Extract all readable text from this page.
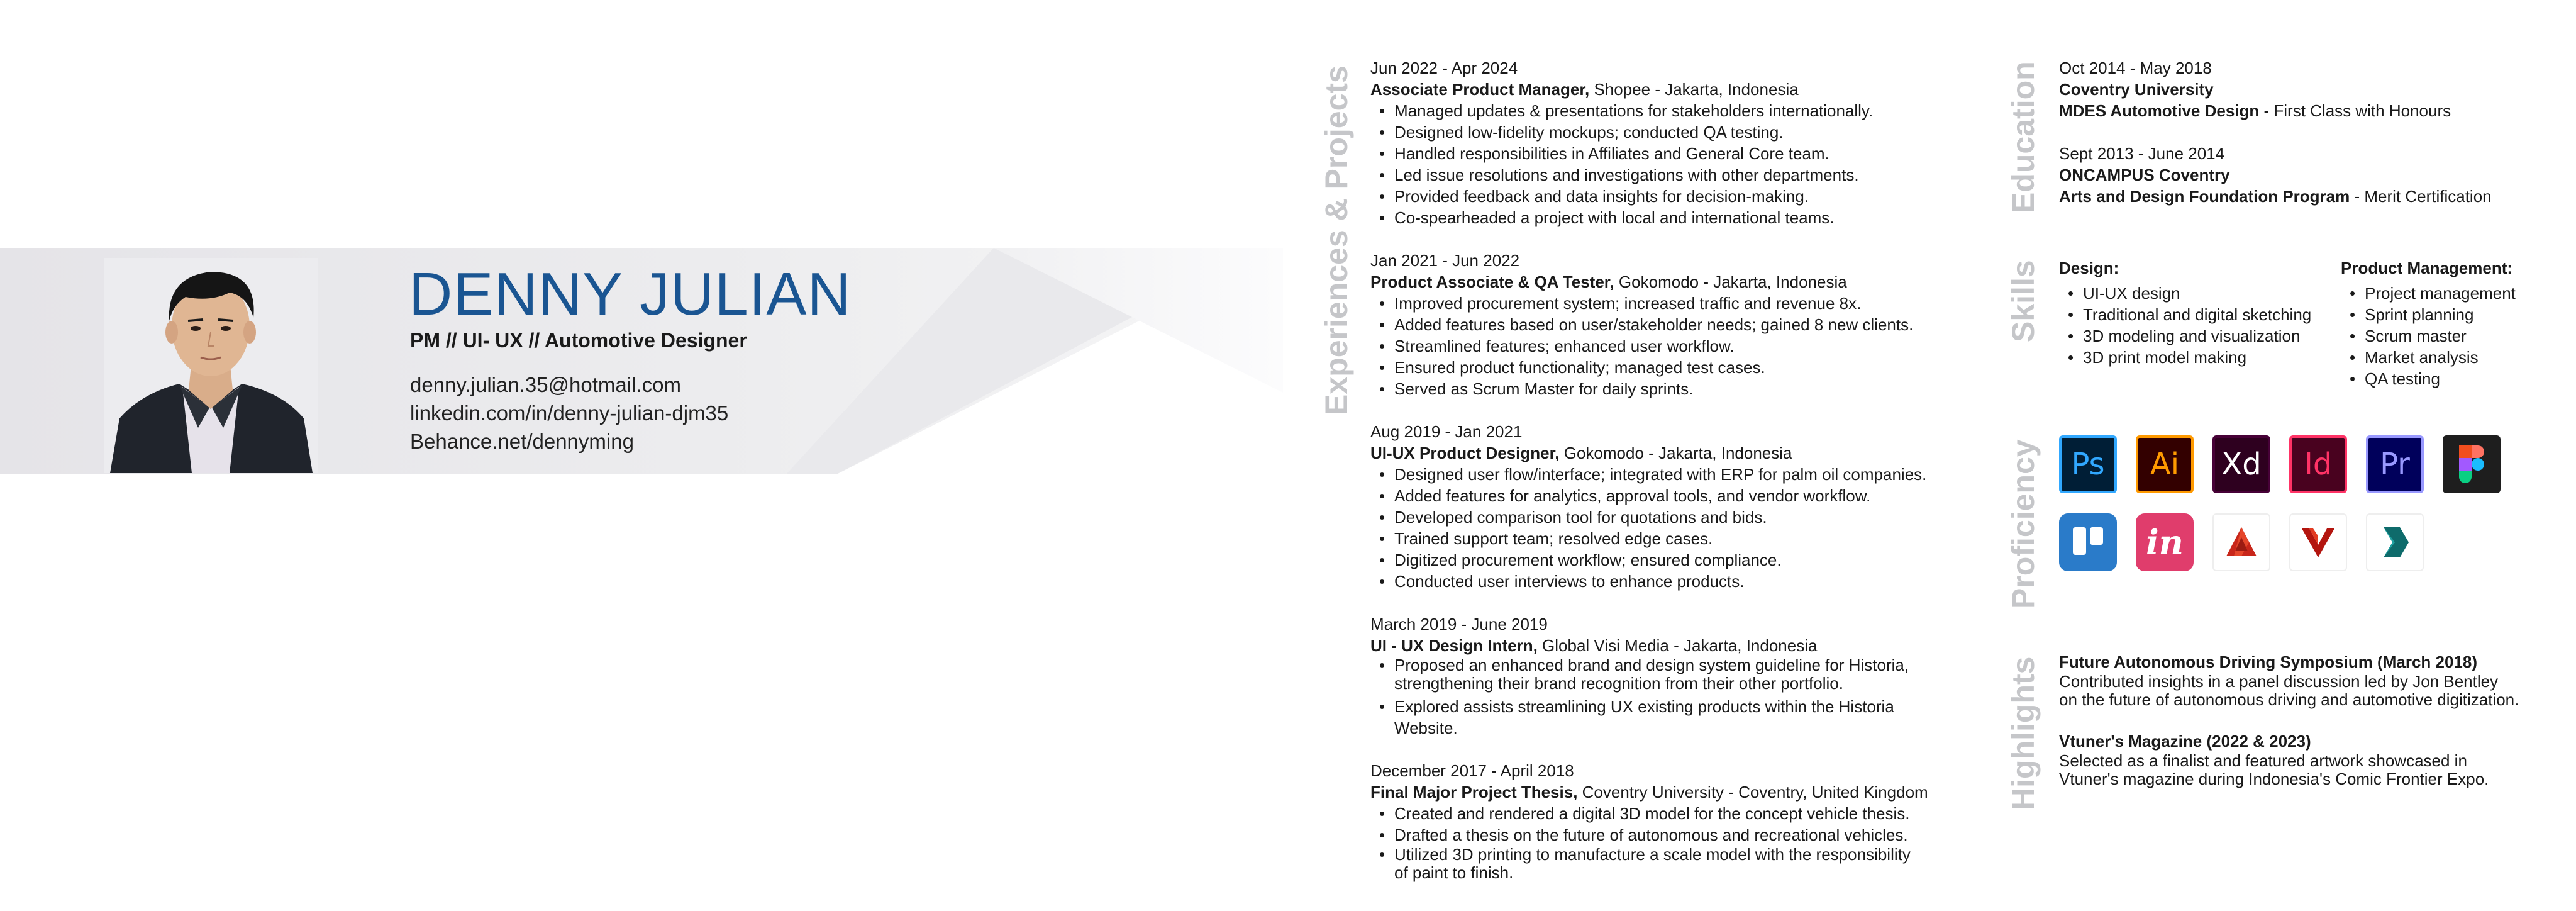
DENNY JULIAN
PM // UI- UX // Automotive Designer
denny.julian.35@hotmail.com
linkedin.com/in/denny-julian-djm35
Behance.net/dennyming
Experiences & Projects	Education
Skills
Proficiency
Highlights
Jun 2022 - Apr 2024
Associate Product Manager, Shopee - Jakarta, Indonesia
• Managed updates & presentations for stakeholders internationally.
• Designed low-fidelity mockups; conducted QA testing.
• Handled responsibilities in Affiliates and General Core team.
• Led issue resolutions and investigations with other departments.
• Provided feedback and data insights for decision-making.
• Co-spearheaded a project with local and international teams.
Jan 2021 - Jun 2022
Product Associate & QA Tester, Gokomodo - Jakarta, Indonesia
• Improved procurement system; increased traffic and revenue 8x.
• Added features based on user/stakeholder needs; gained 8 new clients.
• Streamlined features; enhanced user workflow.
• Ensured product functionality; managed test cases.
• Served as Scrum Master for daily sprints.
Aug 2019 - Jan 2021
UI-UX Product Designer, Gokomodo - Jakarta, Indonesia
• Designed user flow/interface; integrated with ERP for palm oil companies.
• Added features for analytics, approval tools, and vendor workflow.
• Developed comparison tool for quotations and bids.
• Trained support team; resolved edge cases.
• Digitized procurement workflow; ensured compliance.
• Conducted user interviews to enhance products.
March 2019 - June 2019
UI - UX Design Intern, Global Visi Media - Jakarta, Indonesia
• Proposed an enhanced brand and design system guideline for Historia, strengthening their brand recognition from their other portfolio.
• Explored assists streamlining UX existing products within the Historia Website.
December 2017 - April 2018
Final Major Project Thesis, Coventry University - Coventry, United Kingdom
• Created and rendered a digital 3D model for the concept vehicle thesis.
• Drafted a thesis on the future of autonomous and recreational vehicles.
• Utilized 3D printing to manufacture a scale model with the responsibility of paint to finish.
Oct 2014 - May 2018
Coventry University
MDES Automotive Design - First Class with Honours
Sept 2013 - June 2014
ONCAMPUS Coventry
Arts and Design Foundation Program - Merit Certification
Design:
• UI-UX design
• Traditional and digital sketching
• 3D modeling and visualization
• 3D print model making
Product Management:
• Project management
• Sprint planning
• Scrum master
• Market analysis
• QA testing
Ps	Ai	Xd	Id	Pr
in
Future Autonomous Driving Symposium (March 2018)
Contributed insights in a panel discussion led by Jon Bentley
on the future of autonomous driving and automotive digitization.
Vtuner's Magazine (2022 & 2023)
Selected as a finalist and featured artwork showcased in
Vtuner's magazine during Indonesia's Comic Frontier Expo.
